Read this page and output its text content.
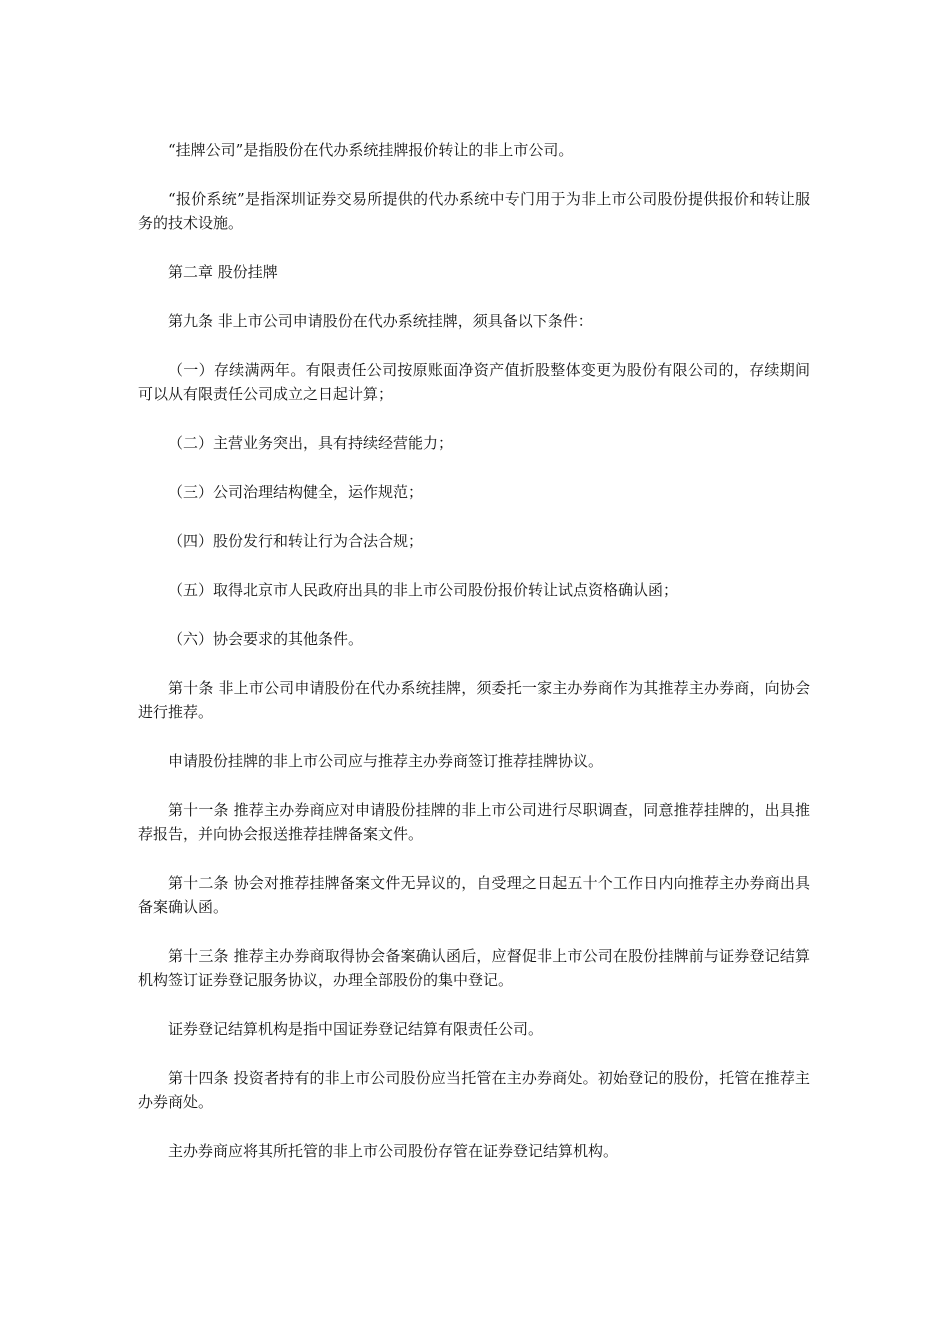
“挂牌公司”是指股份在代办系统挂牌报价转让的非上市公司。

“报价系统”是指深圳证券交易所提供的代办系统中专门用于为非上市公司股份提供报价和转让服务的技术设施。

第二章 股份挂牌

第九条 非上市公司申请股份在代办系统挂牌，须具备以下条件：

（一）存续满两年。有限责任公司按原账面净资产值折股整体变更为股份有限公司的，存续期间可以从有限责任公司成立之日起计算；

（二）主营业务突出，具有持续经营能力；

（三）公司治理结构健全，运作规范；

（四）股份发行和转让行为合法合规；

（五）取得北京市人民政府出具的非上市公司股份报价转让试点资格确认函；

（六）协会要求的其他条件。

第十条 非上市公司申请股份在代办系统挂牌，须委托一家主办券商作为其推荐主办券商，向协会进行推荐。

申请股份挂牌的非上市公司应与推荐主办券商签订推荐挂牌协议。

第十一条 推荐主办券商应对申请股份挂牌的非上市公司进行尽职调查，同意推荐挂牌的，出具推荐报告，并向协会报送推荐挂牌备案文件。

第十二条 协会对推荐挂牌备案文件无异议的，自受理之日起五十个工作日内向推荐主办券商出具备案确认函。

第十三条 推荐主办券商取得协会备案确认函后，应督促非上市公司在股份挂牌前与证券登记结算机构签订证券登记服务协议，办理全部股份的集中登记。

证券登记结算机构是指中国证券登记结算有限责任公司。

第十四条 投资者持有的非上市公司股份应当托管在主办券商处。初始登记的股份，托管在推荐主办券商处。

主办券商应将其所托管的非上市公司股份存管在证券登记结算机构。
